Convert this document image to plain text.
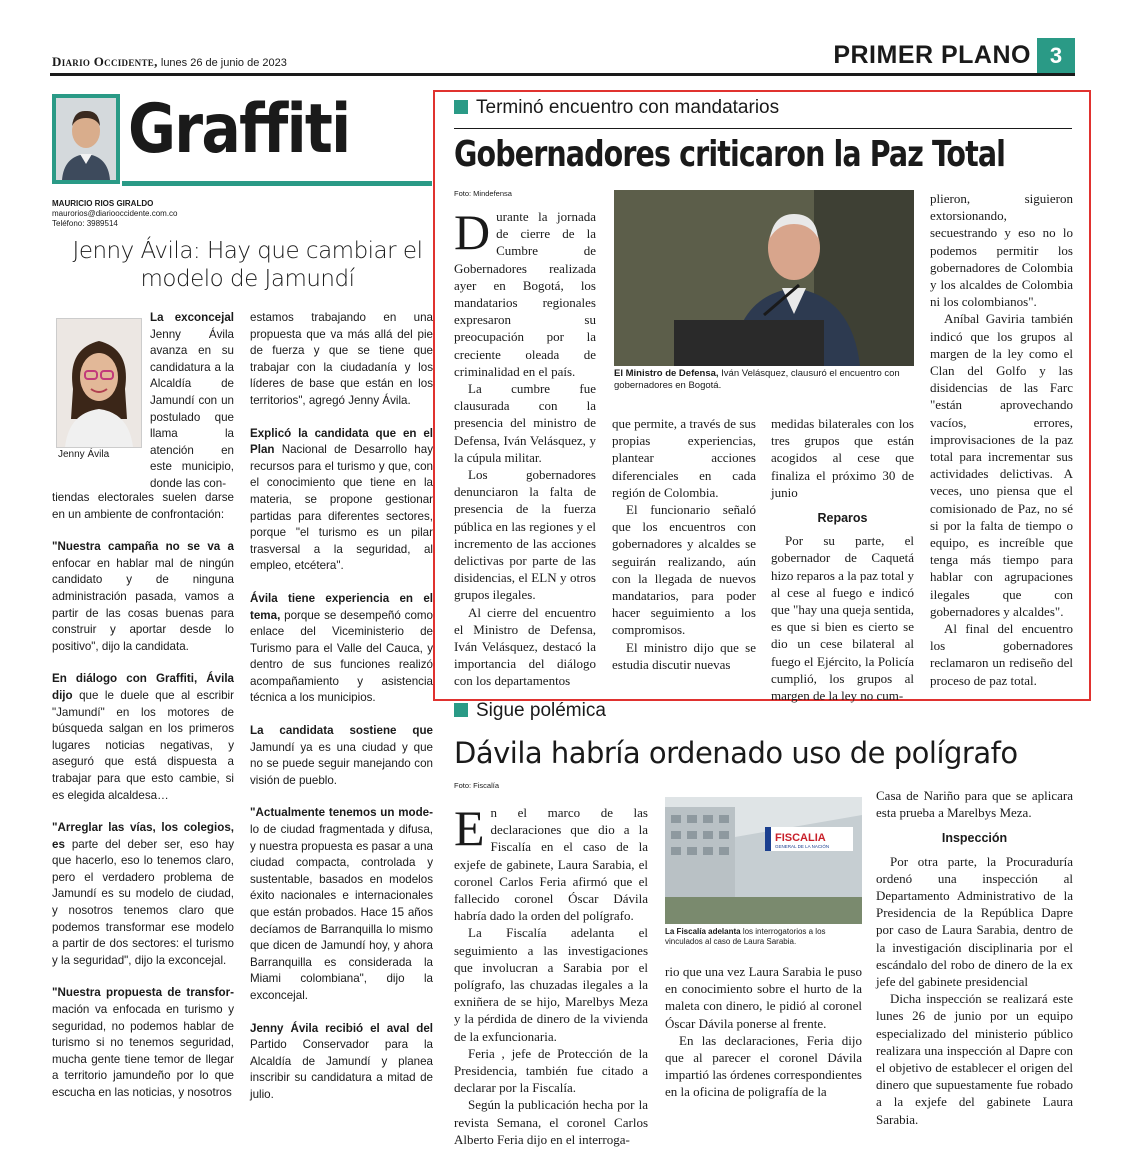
Diario Occidente, lunes 26 de junio de 2023	PRIMER PLANO 3
Graffiti
MAURICIO RIOS GIRALDO
maurorios@diariooccidente.com.co
Teléfono: 3989514
Jenny Ávila: Hay que cambiar el modelo de Jamundí
Jenny Ávila
La exconcejal Jenny Ávila avanza en su candidatura a la Alcaldía de Jamundí con un postulado que llama la atención en este municipio, donde las con-

tiendas electorales suelen darse en un ambiente de confrontación:

"Nuestra campaña no se va a enfocar en hablar mal de ningún candidato y de ninguna administración pasada, vamos a partir de las cosas buenas para construir y aportar desde lo positivo", dijo la candidata.

En diálogo con Graffiti, Ávila dijo que le duele que al escribir "Jamundí" en los motores de búsqueda salgan en los primeros lugares noticias negativas, y aseguró que está dispuesta a trabajar para que esto cambie, si es elegida alcaldesa…

"Arreglar las vías, los colegios, es parte del deber ser, eso hay que hacerlo, eso lo tenemos claro, pero el verdadero problema de Jamundí es su modelo de ciudad, y nosotros tenemos claro que podemos transformar ese modelo a partir de dos sectores: el turismo y la seguridad", dijo la exconcejal.

"Nuestra propuesta de transfor- mación va enfocada en turismo y seguridad, no podemos hablar de turismo si no tenemos seguridad, mucha gente tiene temor de llegar a territorio jamundeño por lo que escucha en las noticias, y nosotros

estamos trabajando en una propuesta que va más allá del pie de fuerza y que se tiene que trabajar con la ciudadanía y los líderes de base que están en los territorios", agregó Jenny Ávila.

Explicó la candidata que en el Plan Nacional de Desarrollo hay recursos para el turismo y que, con el conocimiento que tiene en la materia, se propone gestionar partidas para diferentes sectores, porque "el turismo es un pilar trasversal a la seguridad, al empleo, etcétera".

Ávila tiene experiencia en el tema, porque se desempeñó como enlace del Viceministerio de Turismo para el Valle del Cauca, y dentro de sus funciones realizó acompañamiento y asistencia técnica a los municipios.

La candidata sostiene que Jamundí ya es una ciudad y que no se puede seguir manejando con visión de pueblo.

"Actualmente tenemos un mode- lo de ciudad fragmentada y difusa, y nuestra propuesta es pasar a una ciudad compacta, controlada y sustentable, basados en modelos éxito nacionales e internacionales que están probados. Hace 15 años decíamos de Barranquilla lo mismo que dicen de Jamundí hoy, y ahora Barranquilla es considerada la Miami colombiana", dijo la exconcejal.

Jenny Ávila recibió el aval del Partido Conservador para la Alcaldía de Jamundí y planea inscribir su candidatura a mitad de julio.

Terminó encuentro con mandatarios
Gobernadores criticaron la Paz Total
Foto: Mindefensa

Durante la jornada de cierre de la Cumbre de Gobernadores realizada ayer en Bogotá, los mandatarios regionales expresaron su preocupación por la creciente oleada de criminalidad en el país.

La cumbre fue clausurada con la presencia del ministro de Defensa, Iván Velásquez, y la cúpula militar.

Los gobernadores denunciaron la falta de presencia de la fuerza pública en las regiones y el incremento de las acciones delictivas por parte de las disidencias, el ELN y otros grupos ilegales.

Al cierre del encuentro el Ministro de Defensa, Iván Velásquez, destacó la importancia del diálogo con los departamentos

El Ministro de Defensa, Iván Velásquez, clausuró el encuentro con gobernadores en Bogotá.

que permite, a través de sus propias experiencias, plantear acciones diferenciales en cada región de Colombia.

El funcionario señaló que los encuentros con gobernadores y alcaldes se seguirán realizando, aún con la llegada de nuevos mandatarios, para poder hacer seguimiento a los compromisos.

El ministro dijo que se estudia discutir nuevas

medidas bilaterales con los tres grupos que están acogidos al cese que finaliza el próximo 30 de junio

Reparos

Por su parte, el gobernador de Caquetá hizo reparos a la paz total y al cese al fuego e indicó que "hay una queja sentida, es que si bien es cierto se dio un cese bilateral al fuego el Ejército, la Policía cumplió, los grupos al margen de la ley no cum-

plieron, siguieron extorsionando, secuestrando y eso no lo podemos permitir los gobernadores de Colombia y los alcaldes de Colombia ni los colombianos".

Aníbal Gaviria también indicó que los grupos al margen de la ley como el Clan del Golfo y las disidencias de las Farc "están aprovechando vacíos, errores, improvisaciones de la paz total para incrementar sus actividades delictivas. A veces, uno piensa que el comisionado de Paz, no sé si por la falta de tiempo o equipo, es increíble que tenga más tiempo para hablar con agrupaciones ilegales que con gobernadores y alcaldes".

Al final del encuentro los gobernadores reclamaron un rediseño del proceso de paz total.

Sigue polémica
Dávila habría ordenado uso de polígrafo
Foto: Fiscalía

En el marco de las declaraciones que dio a la Fiscalía en el caso de la exjefe de gabinete, Laura Sarabia, el coronel Carlos Feria afirmó que el fallecido coronel Óscar Dávila habría dado la orden del polígrafo.

La Fiscalía adelanta el seguimiento a las investigaciones que involucran a Sarabia por el polígrafo, las chuzadas ilegales a la exniñera de se hijo, Marelbys Meza y la pérdida de dinero de la vivienda de la exfuncionaria.

Feria , jefe de Protección de la Presidencia, también fue citado a declarar por la Fiscalía.

Según la publicación hecha por la revista Semana, el coronel Carlos Alberto Feria dijo en el interroga-

FISCALIA
GENERAL DE LA NACIÓN
La Fiscalía adelanta los interrogatorios a los vinculados al caso de Laura Sarabia.

rio que una vez Laura Sarabia le puso en conocimiento sobre el hurto de la maleta con dinero, le pidió al coronel Óscar Dávila ponerse al frente.

En las declaraciones, Feria dijo que al parecer el coronel Dávila impartió las órdenes correspondientes en la oficina de poligrafía de la

Casa de Nariño para que se aplicara esta prueba a Marelbys Meza.

Inspección

Por otra parte, la Procuraduría ordenó una inspección al Departamento Administrativo de la Presidencia de la República Dapre por caso de Laura Sarabia, dentro de la investigación disciplinaria por el escándalo del robo de dinero de la ex jefe del gabinete presidencial

Dicha inspección se realizará este lunes 26 de junio por un equipo especializado del ministerio público realizara una inspección al Dapre con el objetivo de establecer el origen del dinero que supuestamente fue robado a la exjefe del gabinete Laura Sarabia.
